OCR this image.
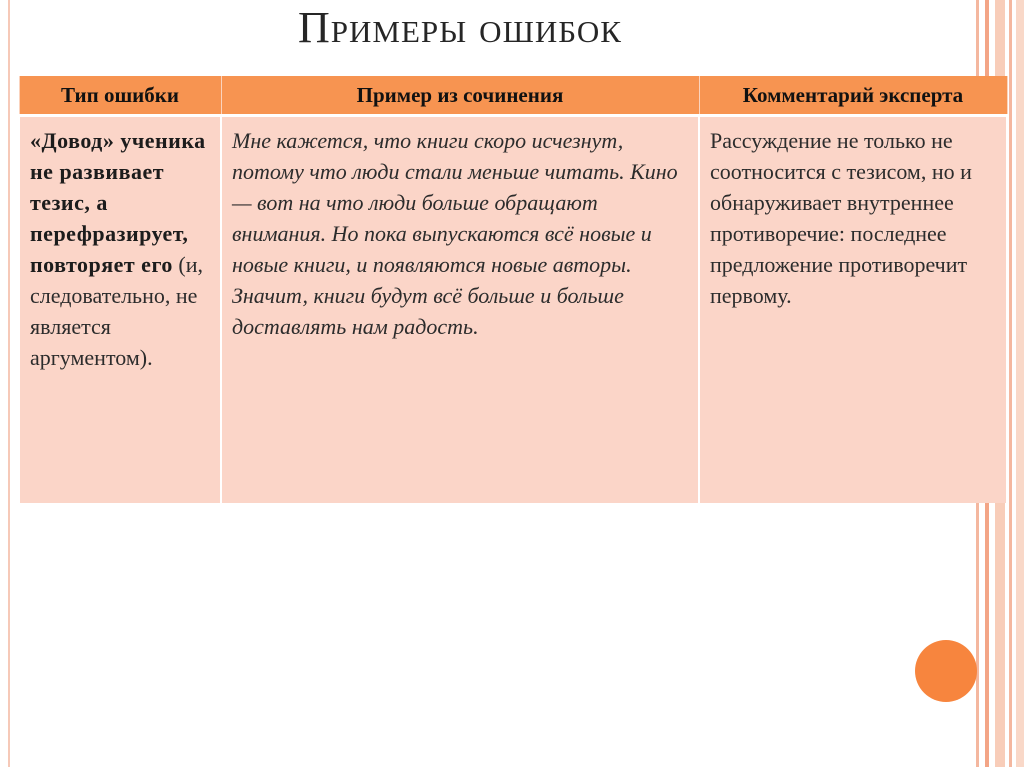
Примеры ошибок
Тип ошибки	Пример из сочинения	Комментарий эксперта
«Довод» ученика не развивает тезис, а перефразирует, повторяет его (и, следовательно, не является аргументом).	Мне кажется, что книги скоро исчезнут, потому что люди стали меньше читать. Кино — вот на что люди больше обращают внимания. Но пока выпускаются всё новые и новые книги, и появляются новые авторы. Значит, книги будут всё больше и больше доставлять нам радость.	Рассуждение не только не соотносится с тезисом, но и обнаруживает внутреннее противоречие: последнее предложение противоречит первому.
